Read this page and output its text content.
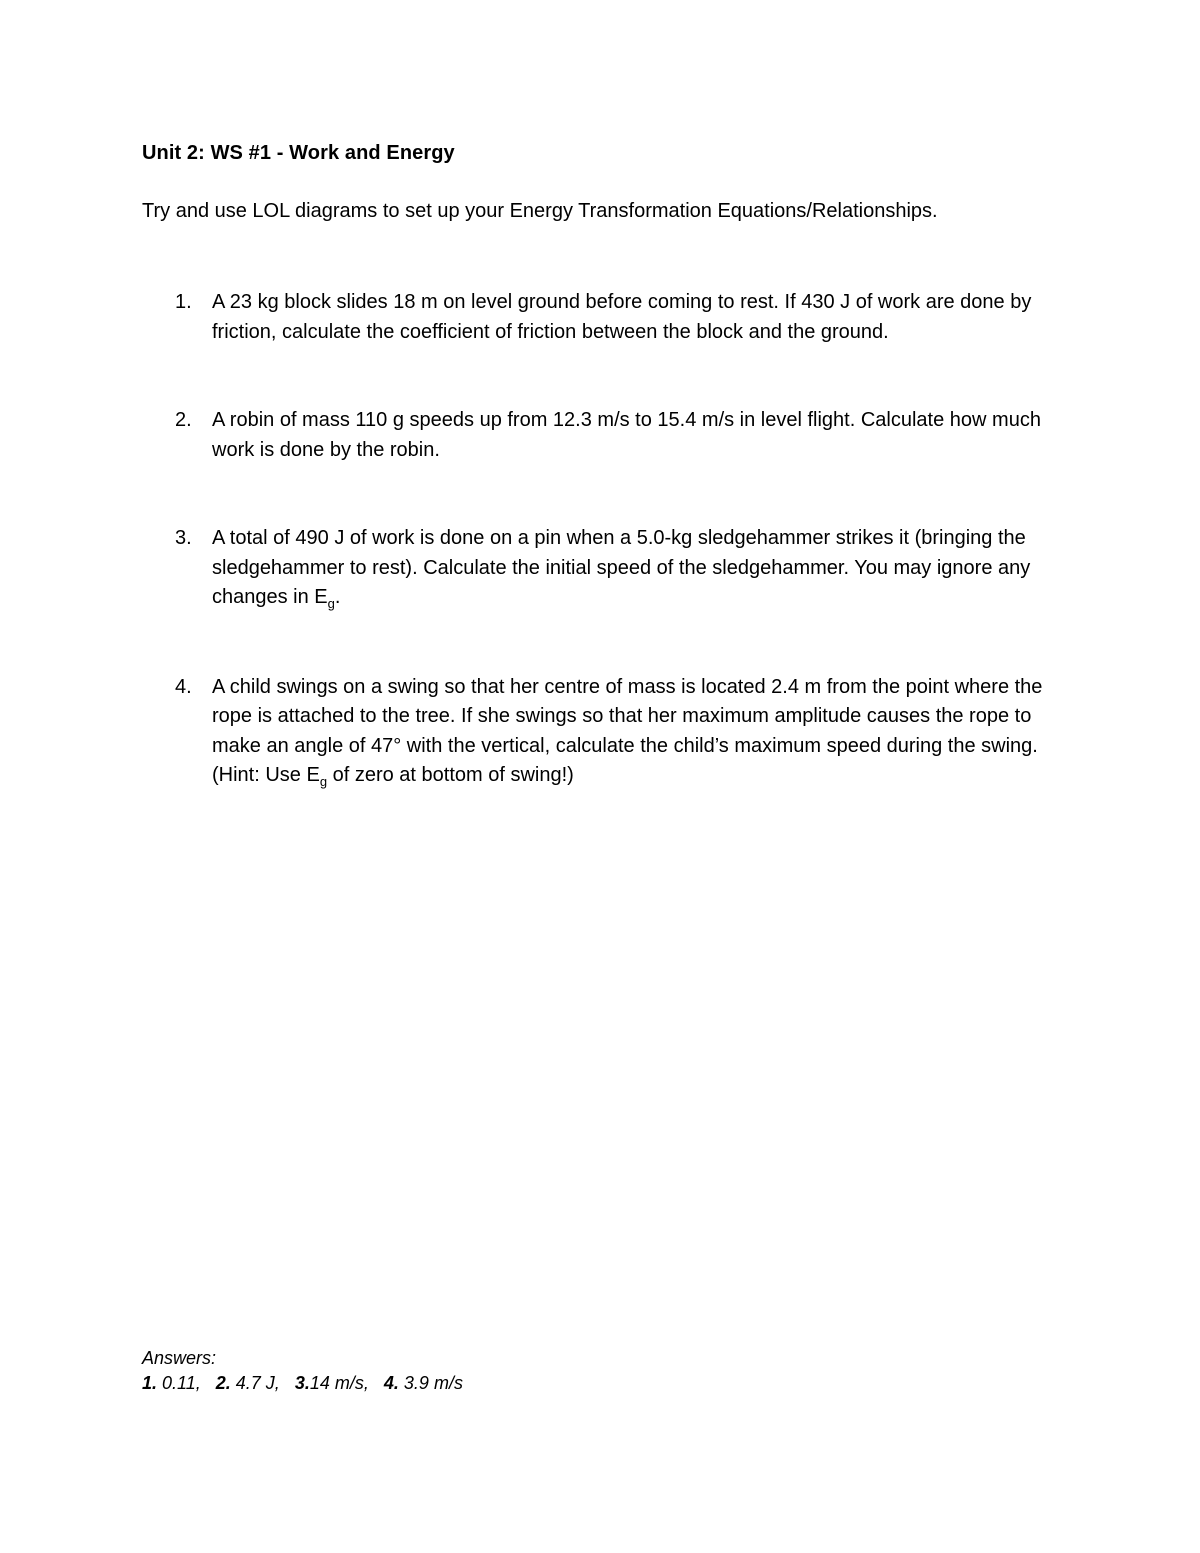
Unit 2: WS #1 - Work and Energy
Try and use LOL diagrams to set up your Energy Transformation Equations/Relationships.
1. A 23 kg block slides 18 m on level ground before coming to rest. If 430 J of work are done by friction, calculate the coefficient of friction between the block and the ground.
2. A robin of mass 110 g speeds up from 12.3 m/s to 15.4 m/s in level flight. Calculate how much work is done by the robin.
3. A total of 490 J of work is done on a pin when a 5.0-kg sledgehammer strikes it (bringing the sledgehammer to rest). Calculate the initial speed of the sledgehammer. You may ignore any changes in $E_g$.
4. A child swings on a swing so that her centre of mass is located 2.4 m from the point where the rope is attached to the tree. If she swings so that her maximum amplitude causes the rope to make an angle of 47° with the vertical, calculate the child’s maximum speed during the swing. (Hint: Use $E_g$ of zero at bottom of swing!)
Answers:
1. 0.11, 2. 4.7 J, 3.14 m/s, 4. 3.9 m/s
